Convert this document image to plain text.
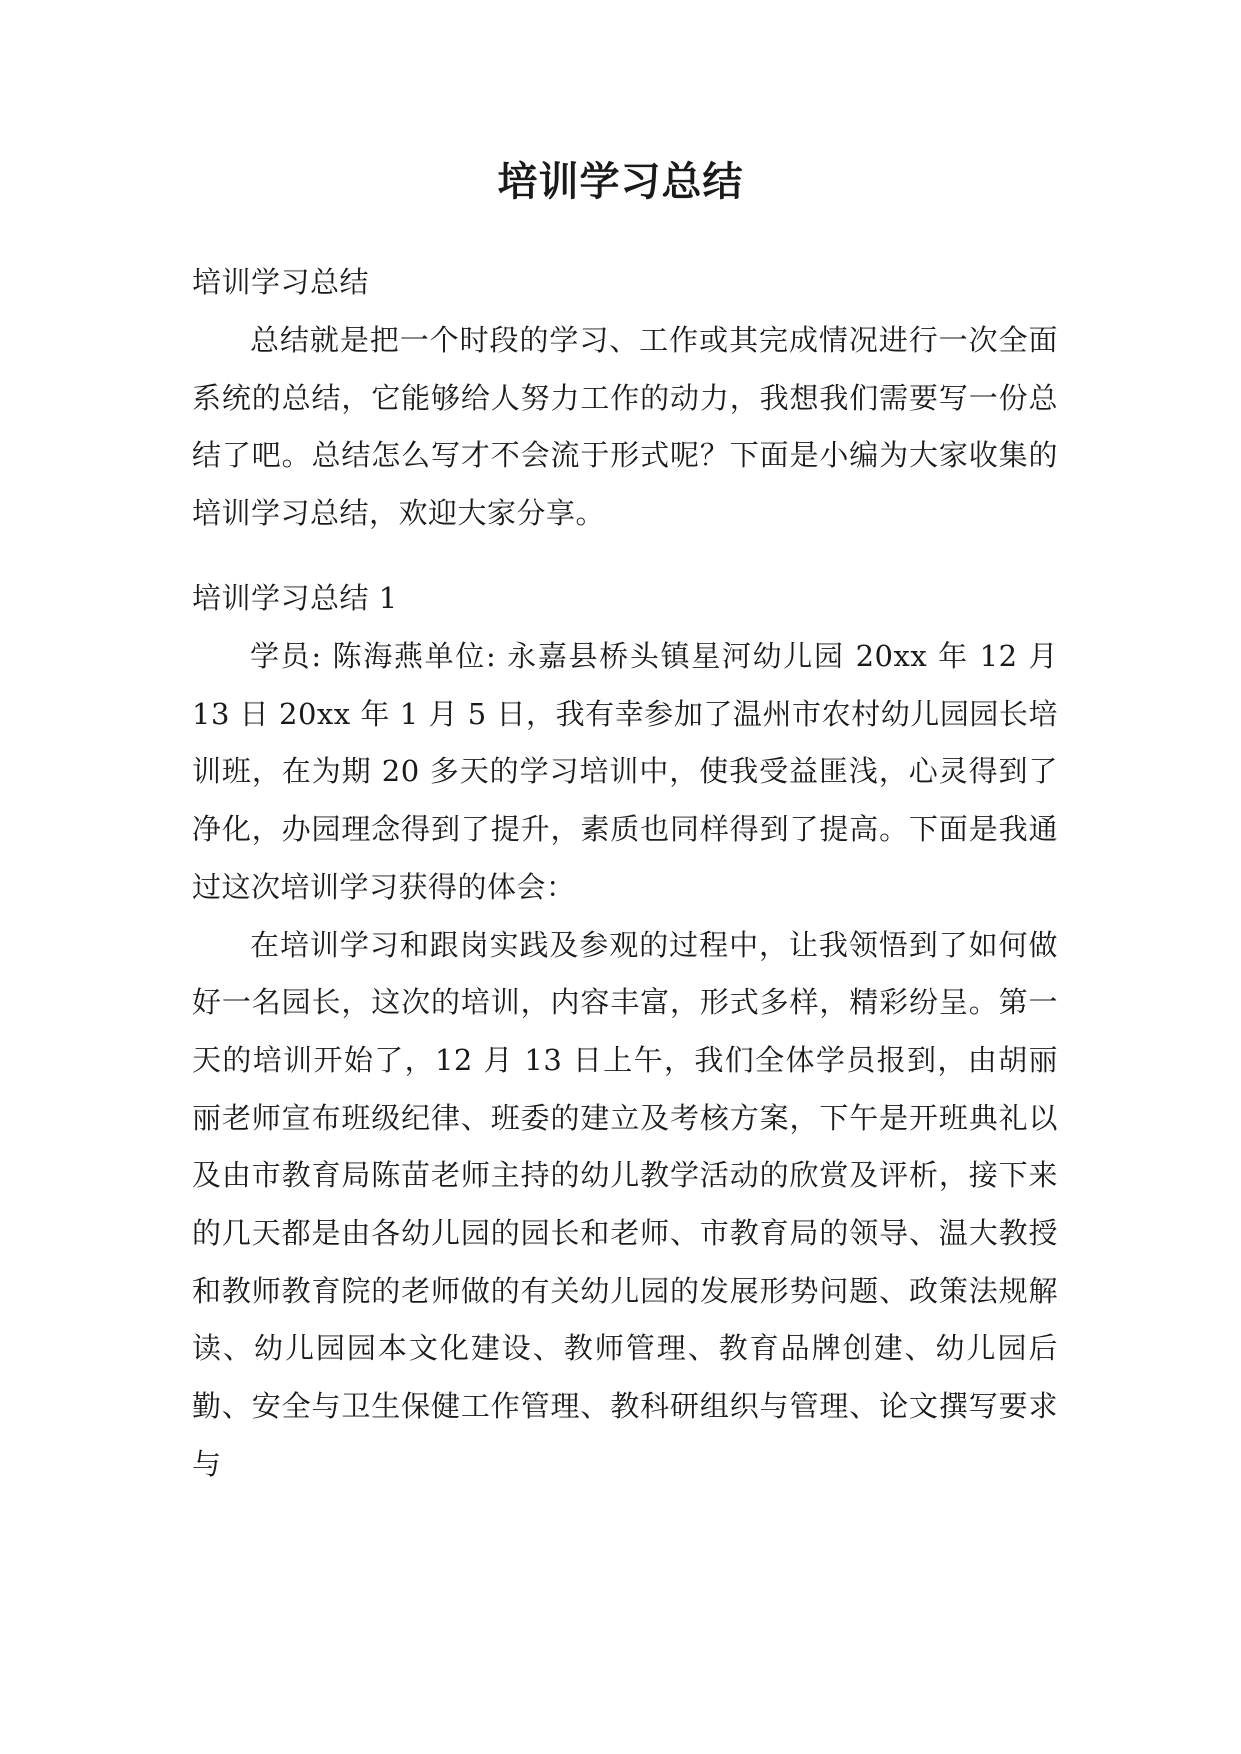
培训学习总结
培训学习总结

总结就是把一个时段的学习、工作或其完成情况进行一次全面系统的总结，它能够给人努力工作的动力，我想我们需要写一份总结了吧。总结怎么写才不会流于形式呢？下面是小编为大家收集的培训学习总结，欢迎大家分享。

培训学习总结 1

学员: 陈海燕单位: 永嘉县桥头镇星河幼儿园 20xx 年 12 月 13 日 20xx 年 1 月 5 日，我有幸参加了温州市农村幼儿园园长培训班，在为期 20 多天的学习培训中，使我受益匪浅，心灵得到了净化，办园理念得到了提升，素质也同样得到了提高。下面是我通过这次培训学习获得的体会：

在培训学习和跟岗实践及参观的过程中，让我领悟到了如何做好一名园长，这次的培训，内容丰富，形式多样，精彩纷呈。第一天的培训开始了，12 月 13 日上午，我们全体学员报到，由胡丽丽老师宣布班级纪律、班委的建立及考核方案，下午是开班典礼以及由市教育局陈苗老师主持的幼儿教学活动的欣赏及评析，接下来的几天都是由各幼儿园的园长和老师、市教育局的领导、温大教授和教师教育院的老师做的有关幼儿园的发展形势问题、政策法规解读、幼儿园园本文化建设、教师管理、教育品牌创建、幼儿园后勤、安全与卫生保健工作管理、教科研组织与管理、论文撰写要求与
